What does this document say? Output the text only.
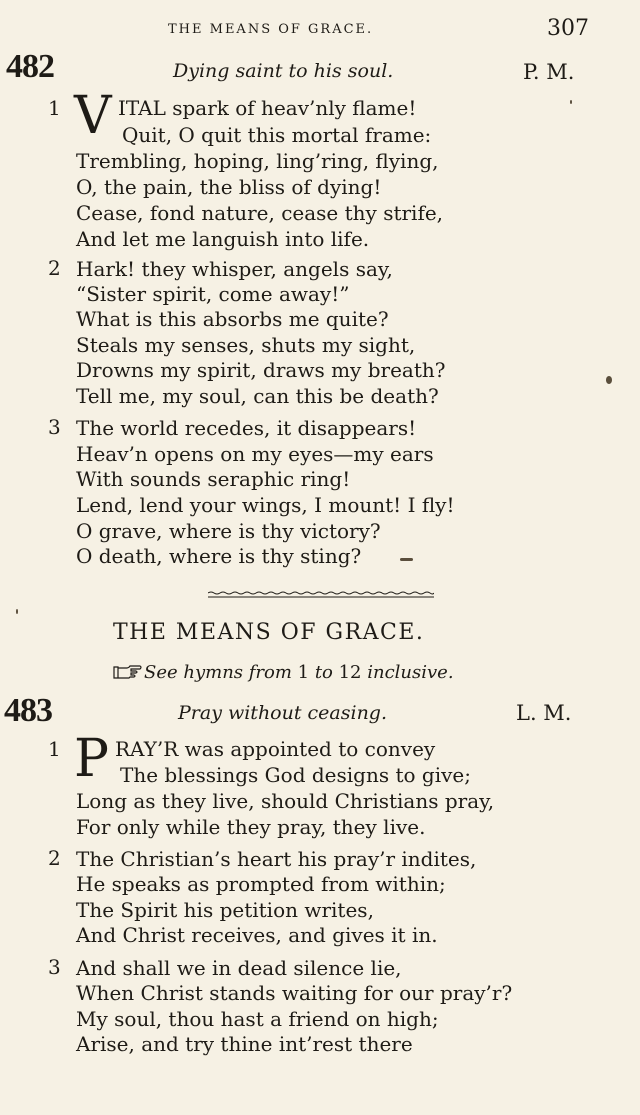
THE MEANS OF GRACE.	307
482	Dying saint to his soul.	P. M.
1 V ITAL spark of heav’nly flame!
Quit, O quit this mortal frame:
Trembling, hoping, ling’ring, flying,
O, the pain, the bliss of dying!
Cease, fond nature, cease thy strife,
And let me languish into life.
2 Hark! they whisper, angels say,
“Sister spirit, come away!”
What is this absorbs me quite?
Steals my senses, shuts my sight,
Drowns my spirit, draws my breath?
Tell me, my soul, can this be death?
3 The world recedes, it disappears!
Heav’n opens on my eyes—my ears
With sounds seraphic ring!
Lend, lend your wings, I mount! I fly!
O grave, where is thy victory?
O death, where is thy sting?
THE MEANS OF GRACE.
See hymns from 1 to 12 inclusive.
483	Pray without ceasing.	L. M.
1 P RAY’R was appointed to convey
The blessings God designs to give;
Long as they live, should Christians pray,
For only while they pray, they live.
2 The Christian’s heart his pray’r indites,
He speaks as prompted from within;
The Spirit his petition writes,
And Christ receives, and gives it in.
3 And shall we in dead silence lie,
When Christ stands waiting for our pray’r?
My soul, thou hast a friend on high;
Arise, and try thine int’rest there
